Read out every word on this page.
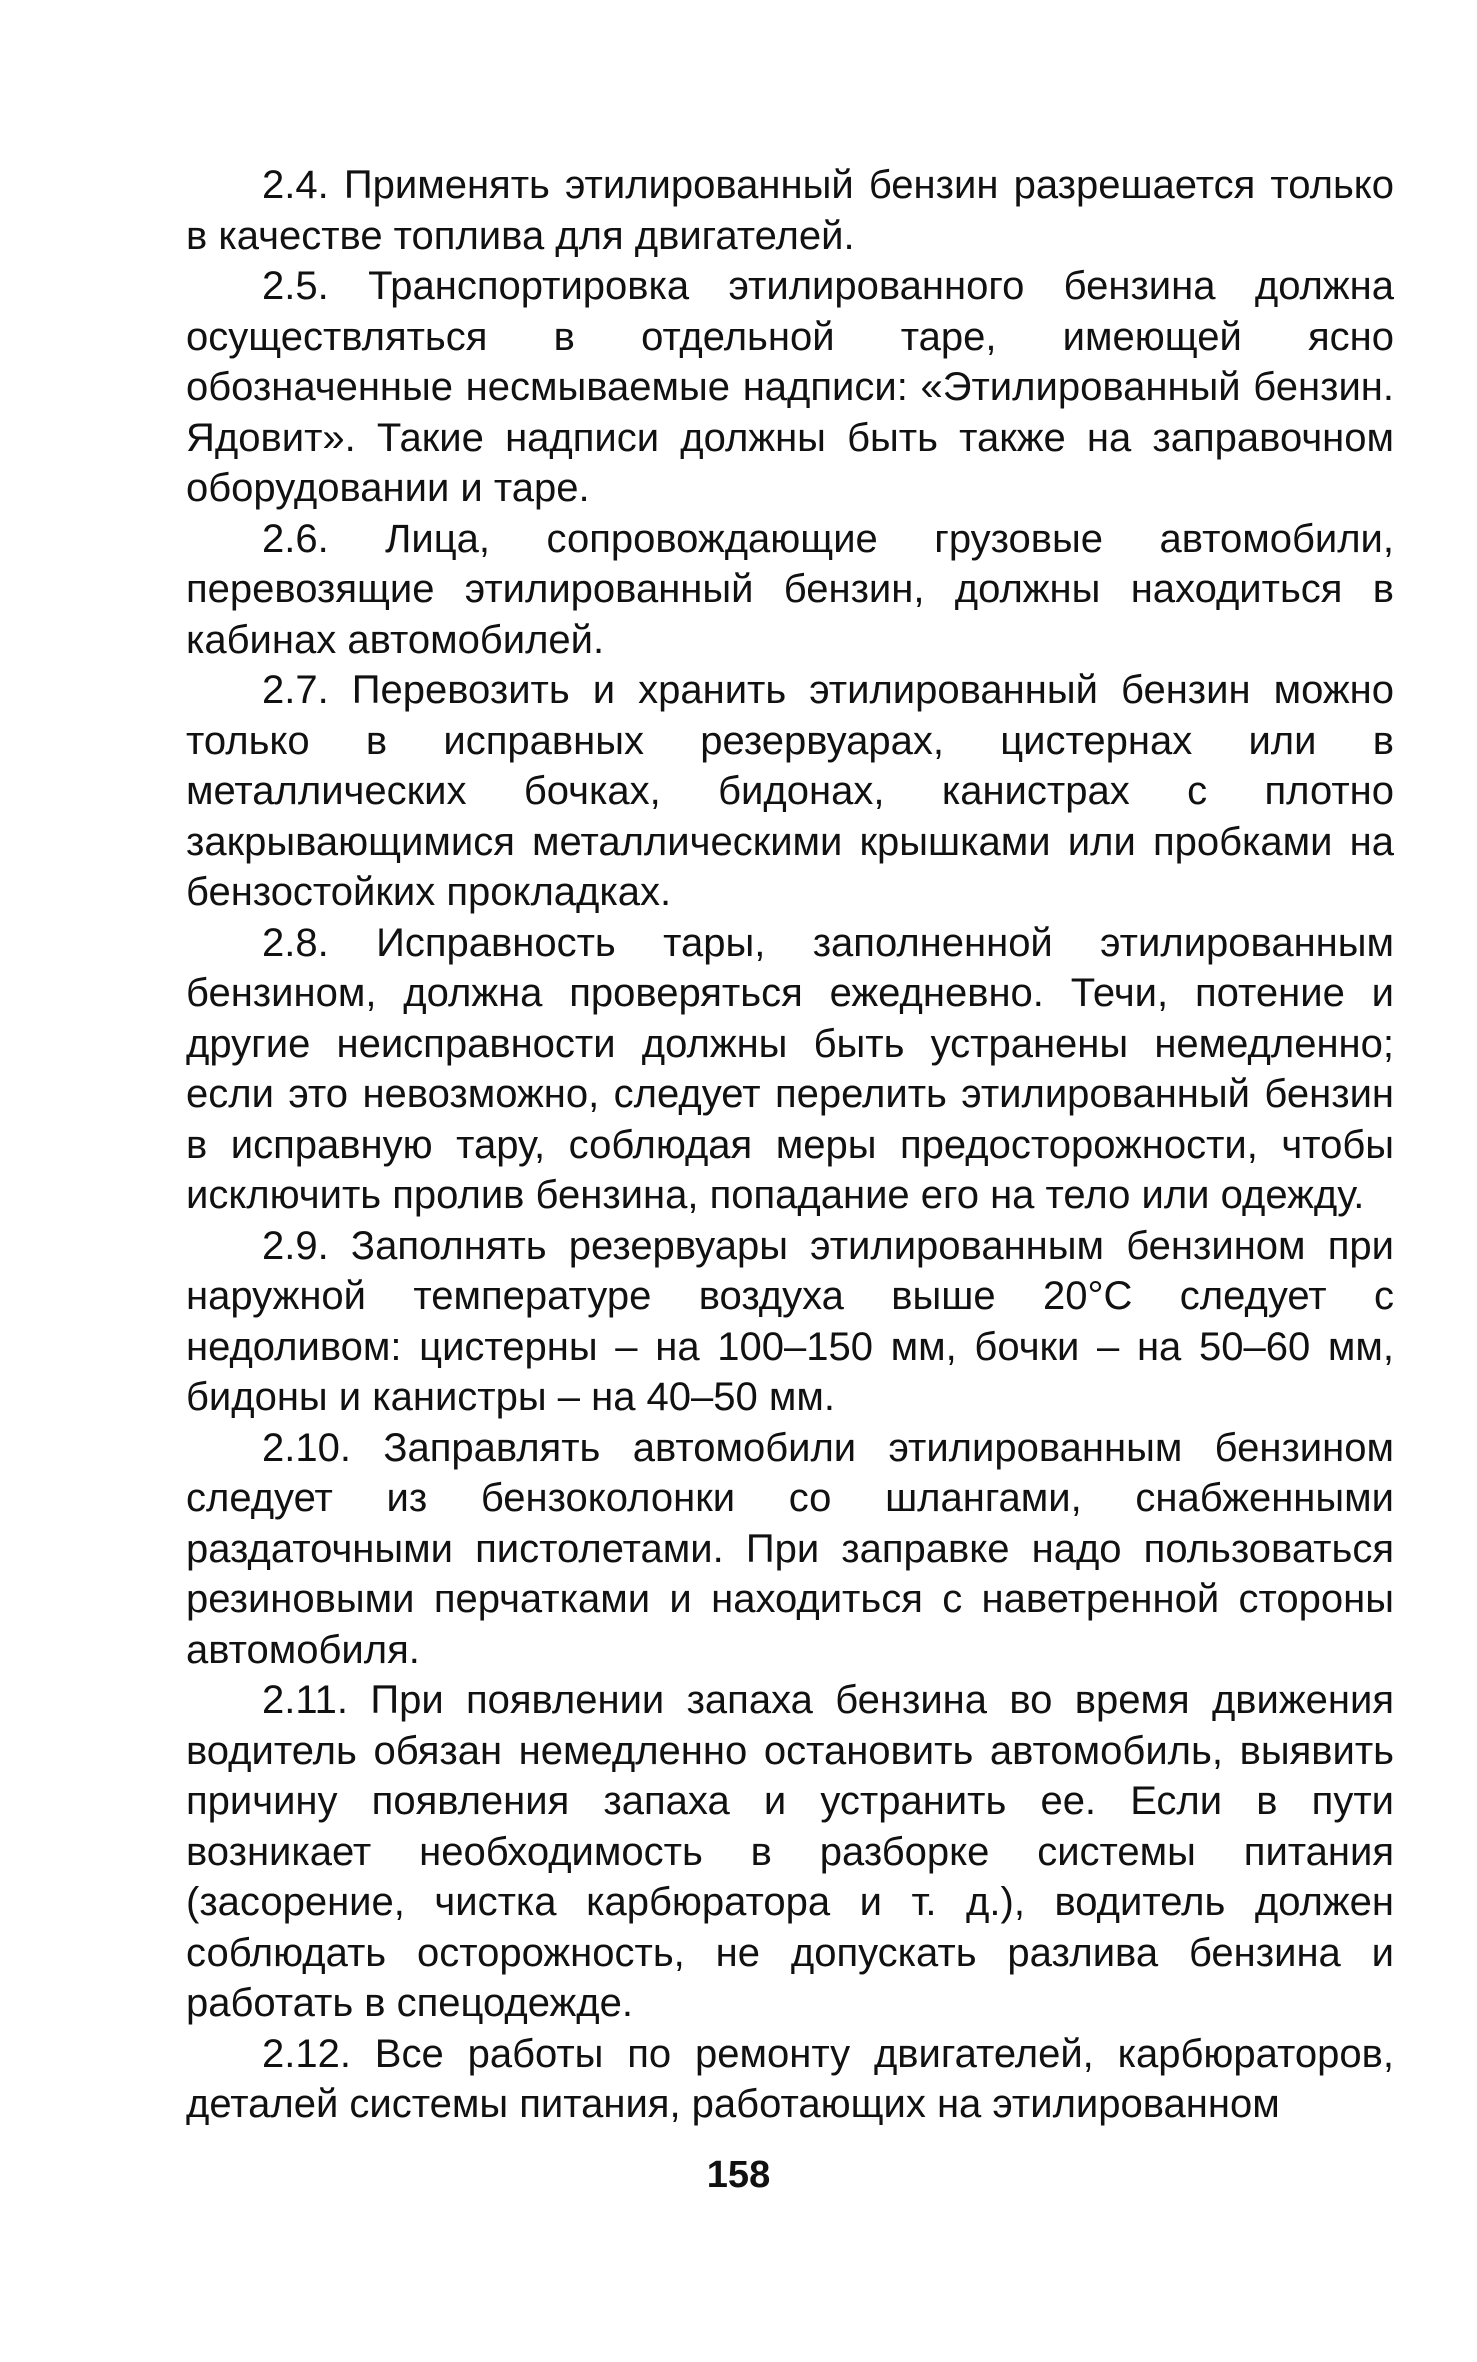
2.4. Применять этилированный бензин разрешается только в качестве топлива для двигателей.

2.5. Транспортировка этилированного бензина должна осуществляться в отдельной таре, имеющей ясно обозначенные несмываемые надписи: «Этилированный бензин. Ядовит». Такие надписи должны быть также на заправочном оборудовании и таре.

2.6. Лица, сопровождающие грузовые автомобили, перевозящие этилированный бензин, должны находиться в кабинах автомобилей.

2.7. Перевозить и хранить этилированный бензин можно только в исправных резервуарах, цистернах или в металлических бочках, бидонах, канистрах с плотно закрывающимися металлическими крышками или пробками на бензостойких прокладках.

2.8. Исправность тары, заполненной этилированным бензином, должна проверяться ежедневно. Течи, потение и другие неисправности должны быть устранены немедленно; если это невозможно, следует перелить этилированный бензин в исправную тару, соблюдая меры предосторожности, чтобы исключить пролив бензина, попадание его на тело или одежду.

2.9. Заполнять резервуары этилированным бензином при наружной температуре воздуха выше 20°С следует с недоливом: цистерны – на 100–150 мм, бочки – на 50–60 мм, бидоны и канистры – на 40–50 мм.

2.10. Заправлять автомобили этилированным бензином следует из бензоколонки со шлангами, снабженными раздаточными пистолетами. При заправке надо пользоваться резиновыми перчатками и находиться с наветренной стороны автомобиля.

2.11. При появлении запаха бензина во время движения водитель обязан немедленно остановить автомобиль, выявить причину появления запаха и устранить ее. Если в пути возникает необходимость в разборке системы питания (засорение, чистка карбюратора и т. д.), водитель должен соблюдать осторожность, не допускать разлива бензина и работать в спецодежде.

2.12. Все работы по ремонту двигателей, карбюраторов, деталей системы питания, работающих на этилированном

158
